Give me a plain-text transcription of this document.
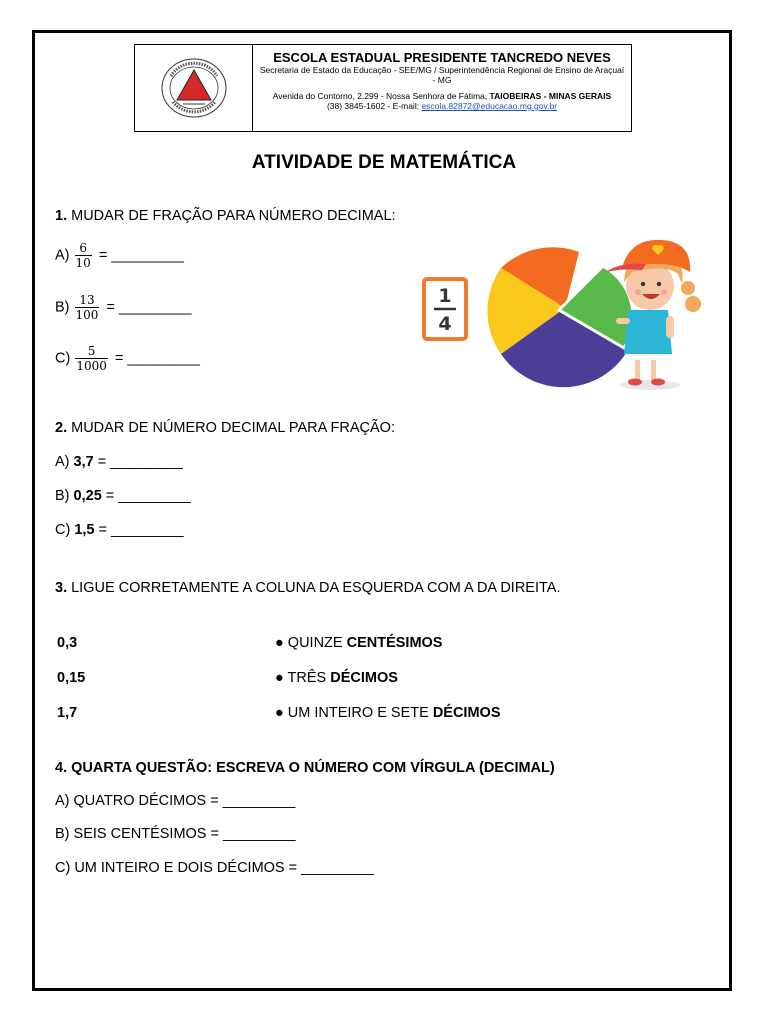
ESCOLA ESTADUAL PRESIDENTE TANCREDO NEVES
Secretaria de Estado da Educação - SEE/MG / Superintendência Regional de Ensino de Araçuaí - MG
Avenida do Contorno, 2.299 - Nossa Senhora de Fátima, TAIOBEIRAS - MINAS GERAIS
(38) 3845-1602 - E-mail: escola.82872@educacao.mg.gov.br
ATIVIDADE DE MATEMÁTICA
1. MUDAR DE FRAÇÃO PARA NÚMERO DECIMAL:
$A) \frac{6}{10}$ = _________
$B) \frac{13}{100}$ = _________
$C) \frac{5}{1000}$ = _________
1
4
2. MUDAR DE NÚMERO DECIMAL PARA FRAÇÃO:
A) 3,7 = _________
B) 0,25 = _________
C) 1,5 = _________
3. LIGUE CORRETAMENTE A COLUNA DA ESQUERDA COM A DA DIREITA.
0,3
0,15
1,7
● QUINZE CENTÉSIMOS
● TRÊS DÉCIMOS
● UM INTEIRO E SETE DÉCIMOS
4. QUARTA QUESTÃO: ESCREVA O NÚMERO COM VÍRGULA (DECIMAL)
A) QUATRO DÉCIMOS = _________
B) SEIS CENTÉSIMOS = _________
C) UM INTEIRO E DOIS DÉCIMOS = _________
